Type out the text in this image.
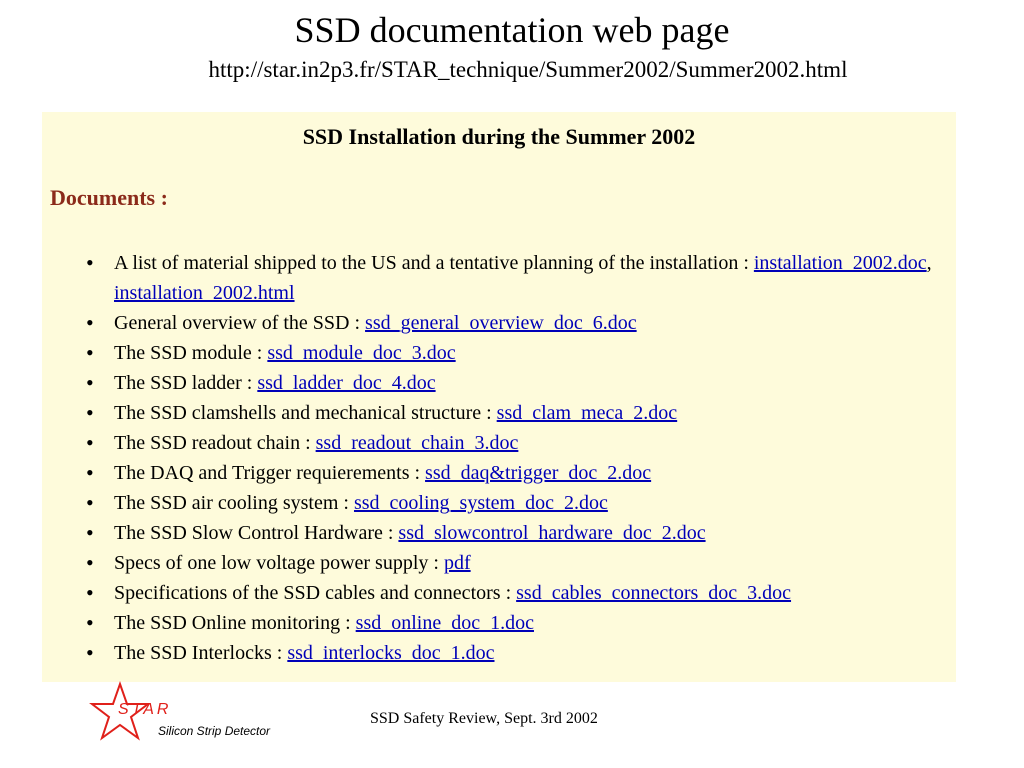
SSD documentation web page
http://star.in2p3.fr/STAR_technique/Summer2002/Summer2002.html
SSD Installation during the Summer 2002
Documents :
• A list of material shipped to the US and a tentative planning of the installation : installation_2002.doc, installation_2002.html
• General overview of the SSD : ssd_general_overview_doc_6.doc
• The SSD module : ssd_module_doc_3.doc
• The SSD ladder : ssd_ladder_doc_4.doc
• The SSD clamshells and mechanical structure : ssd_clam_meca_2.doc
• The SSD readout chain : ssd_readout_chain_3.doc
• The DAQ and Trigger requierements : ssd_daq&trigger_doc_2.doc
• The SSD air cooling system : ssd_cooling_system_doc_2.doc
• The SSD Slow Control Hardware : ssd_slowcontrol_hardware_doc_2.doc
• Specs of one low voltage power supply : pdf
• Specifications of the SSD cables and connectors : ssd_cables_connectors_doc_3.doc
• The SSD Online monitoring : ssd_online_doc_1.doc
• The SSD Interlocks : ssd_interlocks_doc_1.doc
STAR
Silicon Strip Detector
SSD Safety Review, Sept. 3rd 2002
